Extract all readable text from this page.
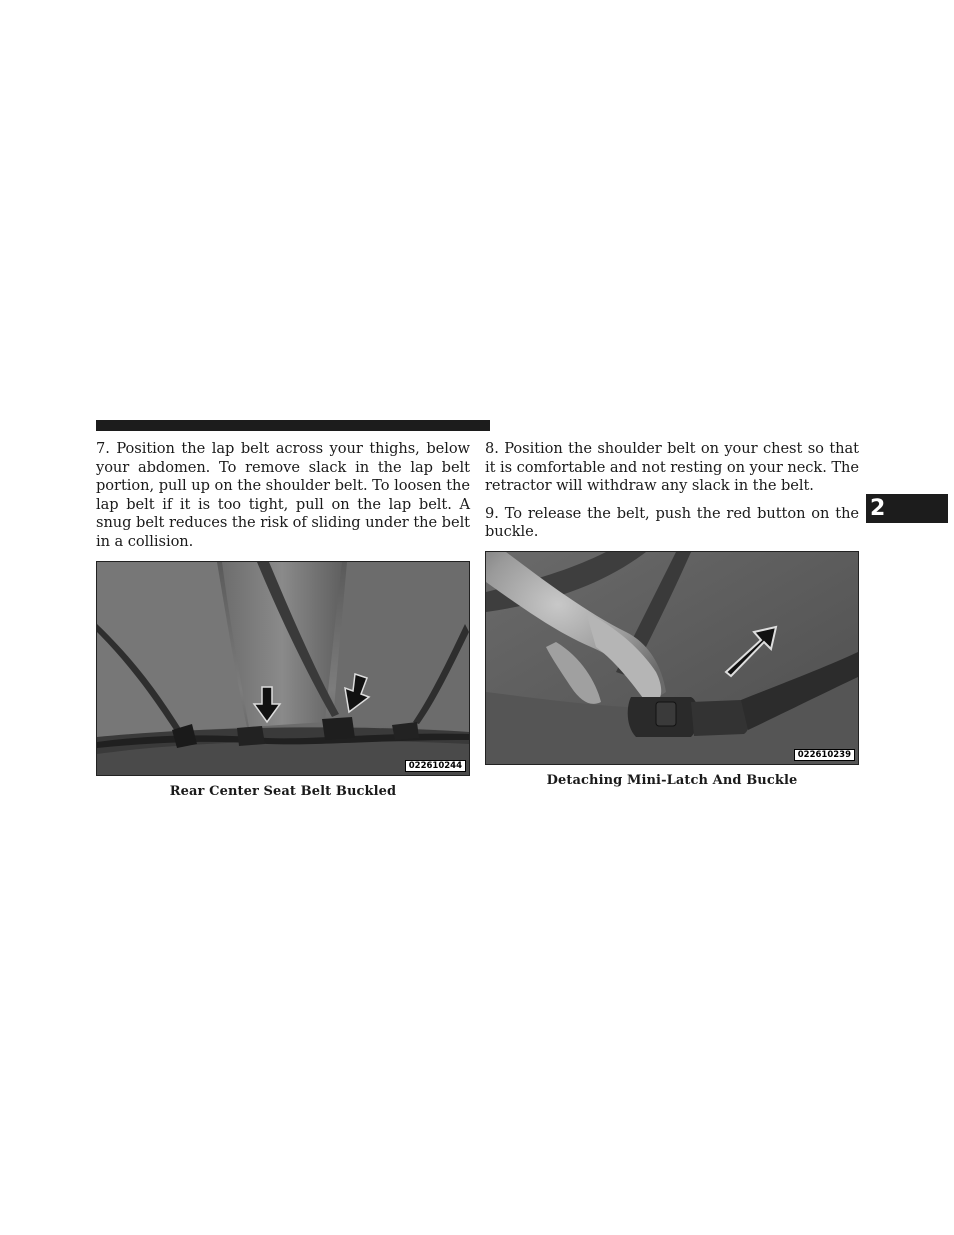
7. Position the lap belt across your thighs, below your abdomen. To remove slack in the lap belt portion, pull up on the shoulder belt. To loosen the lap belt if it is too tight, pull on the lap belt. A snug belt reduces the risk of sliding under the belt in a collision.

022610244
Rear Center Seat Belt Buckled

8. Position the shoulder belt on your chest so that it is comfortable and not resting on your neck. The retractor will withdraw any slack in the belt.

9. To release the belt, push the red button on the buckle.

022610239
Detaching Mini-Latch And Buckle
2
